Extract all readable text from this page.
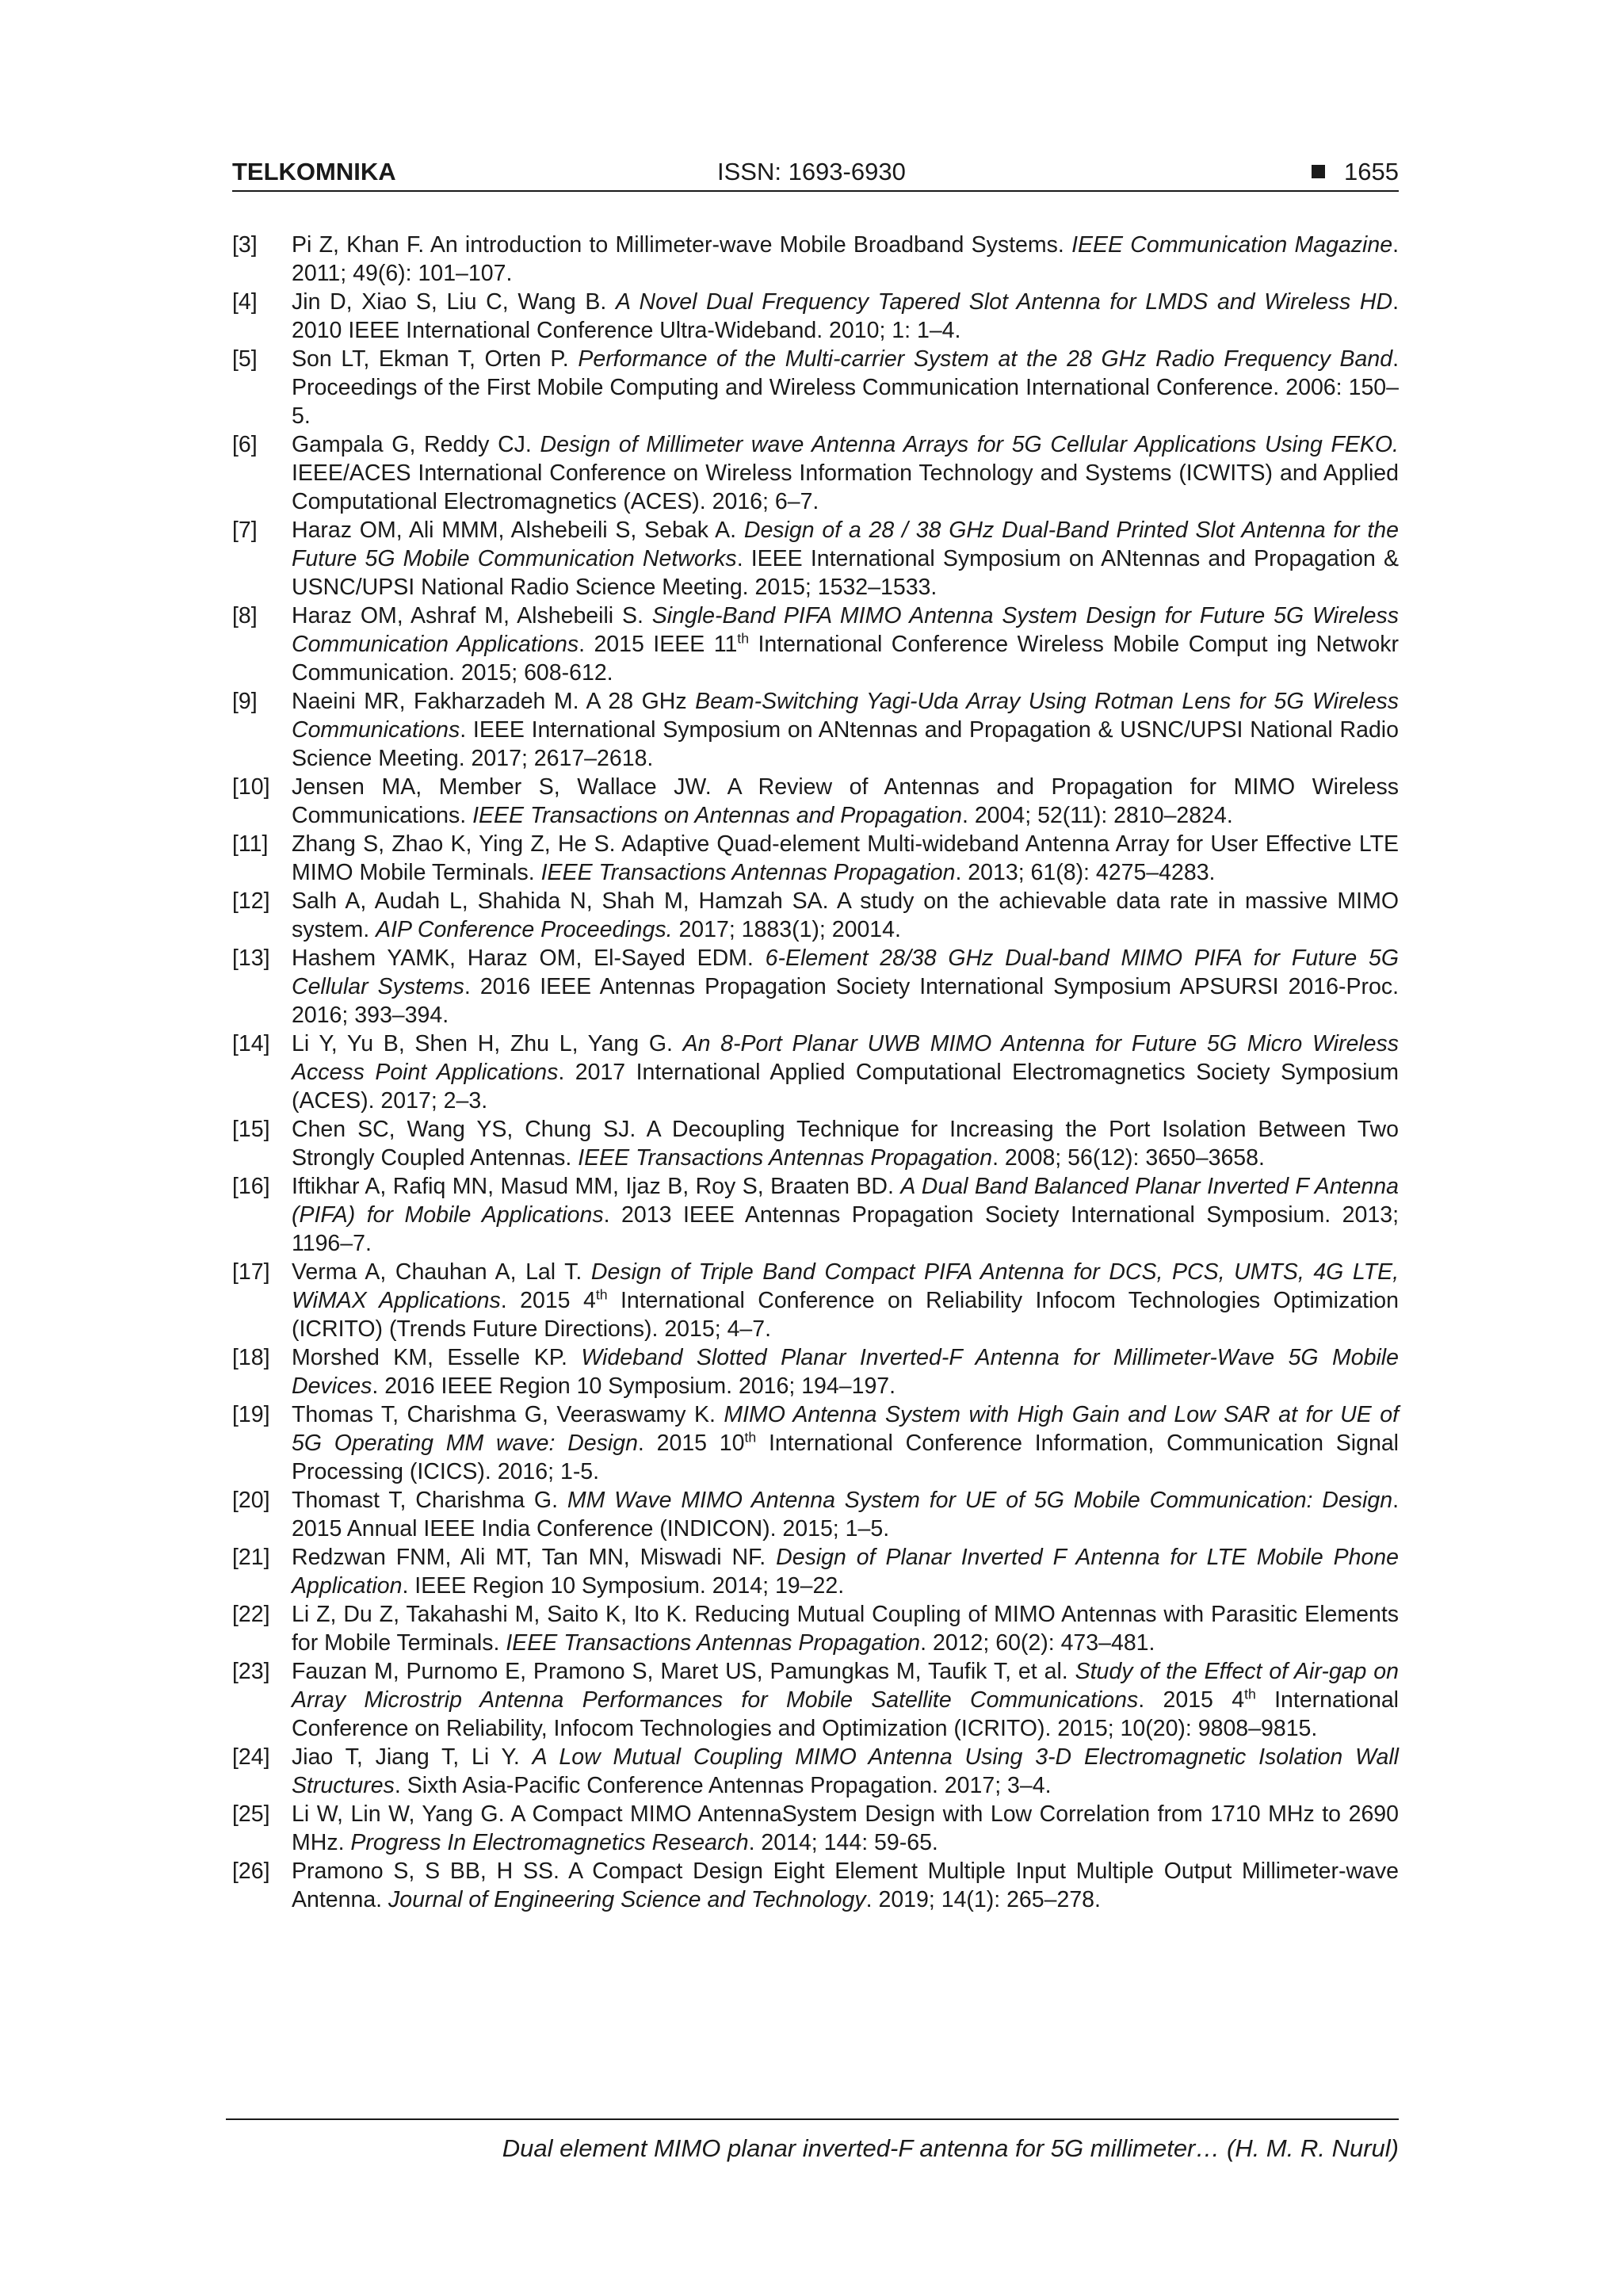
TELKOMNIKA	ISSN: 1693-6930	1655
[3] Pi Z, Khan F. An introduction to Millimeter-wave Mobile Broadband Systems. IEEE Communication Magazine. 2011; 49(6): 101–107.
[4] Jin D, Xiao S, Liu C, Wang B. A Novel Dual Frequency Tapered Slot Antenna for LMDS and Wireless HD. 2010 IEEE International Conference Ultra-Wideband. 2010; 1: 1–4.
[5] Son LT, Ekman T, Orten P. Performance of the Multi-carrier System at the 28 GHz Radio Frequency Band. Proceedings of the First Mobile Computing and Wireless Communication International Conference. 2006: 150–5.
[6] Gampala G, Reddy CJ. Design of Millimeter wave Antenna Arrays for 5G Cellular Applications Using FEKO. IEEE/ACES International Conference on Wireless Information Technology and Systems (ICWITS) and Applied Computational Electromagnetics (ACES). 2016; 6–7.
[7] Haraz OM, Ali MMM, Alshebeili S, Sebak A. Design of a 28 / 38 GHz Dual-Band Printed Slot Antenna for the Future 5G Mobile Communication Networks. IEEE International Symposium on ANtennas and Propagation & USNC/UPSI National Radio Science Meeting. 2015; 1532–1533.
[8] Haraz OM, Ashraf M, Alshebeili S. Single-Band PIFA MIMO Antenna System Design for Future 5G Wireless Communication Applications. 2015 IEEE 11th International Conference Wireless Mobile Comput ing Netwokr Communication. 2015; 608-612.
[9] Naeini MR, Fakharzadeh M. A 28 GHz Beam-Switching Yagi-Uda Array Using Rotman Lens for 5G Wireless Communications. IEEE International Symposium on ANtennas and Propagation & USNC/UPSI National Radio Science Meeting. 2017; 2617–2618.
[10] Jensen MA, Member S, Wallace JW. A Review of Antennas and Propagation for MIMO Wireless Communications. IEEE Transactions on Antennas and Propagation. 2004; 52(11): 2810–2824.
[11] Zhang S, Zhao K, Ying Z, He S. Adaptive Quad-element Multi-wideband Antenna Array for User Effective LTE MIMO Mobile Terminals. IEEE Transactions Antennas Propagation. 2013; 61(8): 4275–4283.
[12] Salh A, Audah L, Shahida N, Shah M, Hamzah SA. A study on the achievable data rate in massive MIMO system. AIP Conference Proceedings. 2017; 1883(1); 20014.
[13] Hashem YAMK, Haraz OM, El-Sayed EDM. 6-Element 28/38 GHz Dual-band MIMO PIFA for Future 5G Cellular Systems. 2016 IEEE Antennas Propagation Society International Symposium APSURSI 2016-Proc. 2016; 393–394.
[14] Li Y, Yu B, Shen H, Zhu L, Yang G. An 8-Port Planar UWB MIMO Antenna for Future 5G Micro Wireless Access Point Applications. 2017 International Applied Computational Electromagnetics Society Symposium (ACES). 2017; 2–3.
[15] Chen SC, Wang YS, Chung SJ. A Decoupling Technique for Increasing the Port Isolation Between Two Strongly Coupled Antennas. IEEE Transactions Antennas Propagation. 2008; 56(12): 3650–3658.
[16] Iftikhar A, Rafiq MN, Masud MM, Ijaz B, Roy S, Braaten BD. A Dual Band Balanced Planar Inverted F Antenna (PIFA) for Mobile Applications. 2013 IEEE Antennas Propagation Society International Symposium. 2013; 1196–7.
[17] Verma A, Chauhan A, Lal T. Design of Triple Band Compact PIFA Antenna for DCS, PCS, UMTS, 4G LTE, WiMAX Applications. 2015 4th International Conference on Reliability Infocom Technologies Optimization (ICRITO) (Trends Future Directions). 2015; 4–7.
[18] Morshed KM, Esselle KP. Wideband Slotted Planar Inverted-F Antenna for Millimeter-Wave 5G Mobile Devices. 2016 IEEE Region 10 Symposium. 2016; 194–197.
[19] Thomas T, Charishma G, Veeraswamy K. MIMO Antenna System with High Gain and Low SAR at for UE of 5G Operating MM wave: Design. 2015 10th International Conference Information, Communication Signal Processing (ICICS). 2016; 1-5.
[20] Thomast T, Charishma G. MM Wave MIMO Antenna System for UE of 5G Mobile Communication: Design. 2015 Annual IEEE India Conference (INDICON). 2015; 1–5.
[21] Redzwan FNM, Ali MT, Tan MN, Miswadi NF. Design of Planar Inverted F Antenna for LTE Mobile Phone Application. IEEE Region 10 Symposium. 2014; 19–22.
[22] Li Z, Du Z, Takahashi M, Saito K, Ito K. Reducing Mutual Coupling of MIMO Antennas with Parasitic Elements for Mobile Terminals. IEEE Transactions Antennas Propagation. 2012; 60(2): 473–481.
[23] Fauzan M, Purnomo E, Pramono S, Maret US, Pamungkas M, Taufik T, et al. Study of the Effect of Air-gap on Array Microstrip Antenna Performances for Mobile Satellite Communications. 2015 4th International Conference on Reliability, Infocom Technologies and Optimization (ICRITO). 2015; 10(20): 9808–9815.
[24] Jiao T, Jiang T, Li Y. A Low Mutual Coupling MIMO Antenna Using 3-D Electromagnetic Isolation Wall Structures. Sixth Asia-Pacific Conference Antennas Propagation. 2017; 3–4.
[25] Li W, Lin W, Yang G. A Compact MIMO AntennaSystem Design with Low Correlation from 1710 MHz to 2690 MHz. Progress In Electromagnetics Research. 2014; 144: 59-65.
[26] Pramono S, S BB, H SS. A Compact Design Eight Element Multiple Input Multiple Output Millimeter-wave Antenna. Journal of Engineering Science and Technology. 2019; 14(1): 265–278.
Dual element MIMO planar inverted-F antenna for 5G millimeter… (H. M. R. Nurul)
